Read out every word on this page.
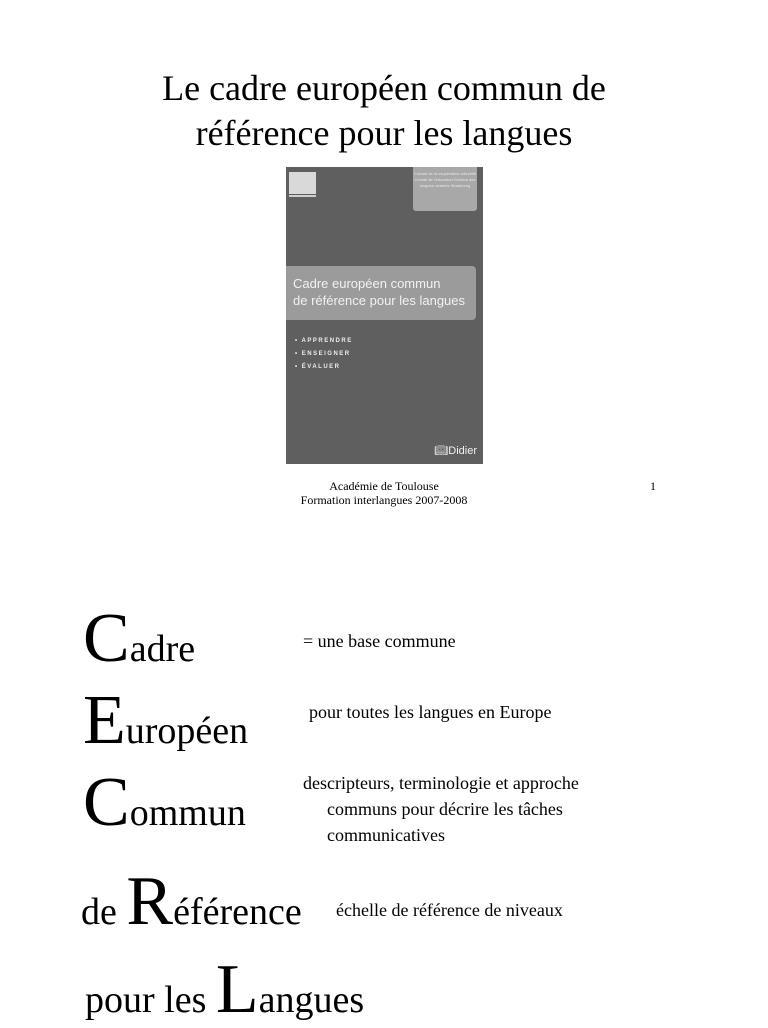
Le cadre européen commun de
référence pour les langues
Conseil de la coopération culturelle Comité de l'éducation Division des langues vivantes Strasbourg
Cadre européen commun
de référence pour les langues
• APPRENDRE
• ENSEIGNER
• ÉVALUER
📖︎Didier
Académie de Toulouse
Formation interlangues 2007-2008
1
Cadre	= une base commune
Européen	pour toutes les langues en Europe
Commun
descripteurs, terminologie et approche
communs pour décrire les tâches
communicatives
de Référence échelle de référence de niveaux
pour les Langues
